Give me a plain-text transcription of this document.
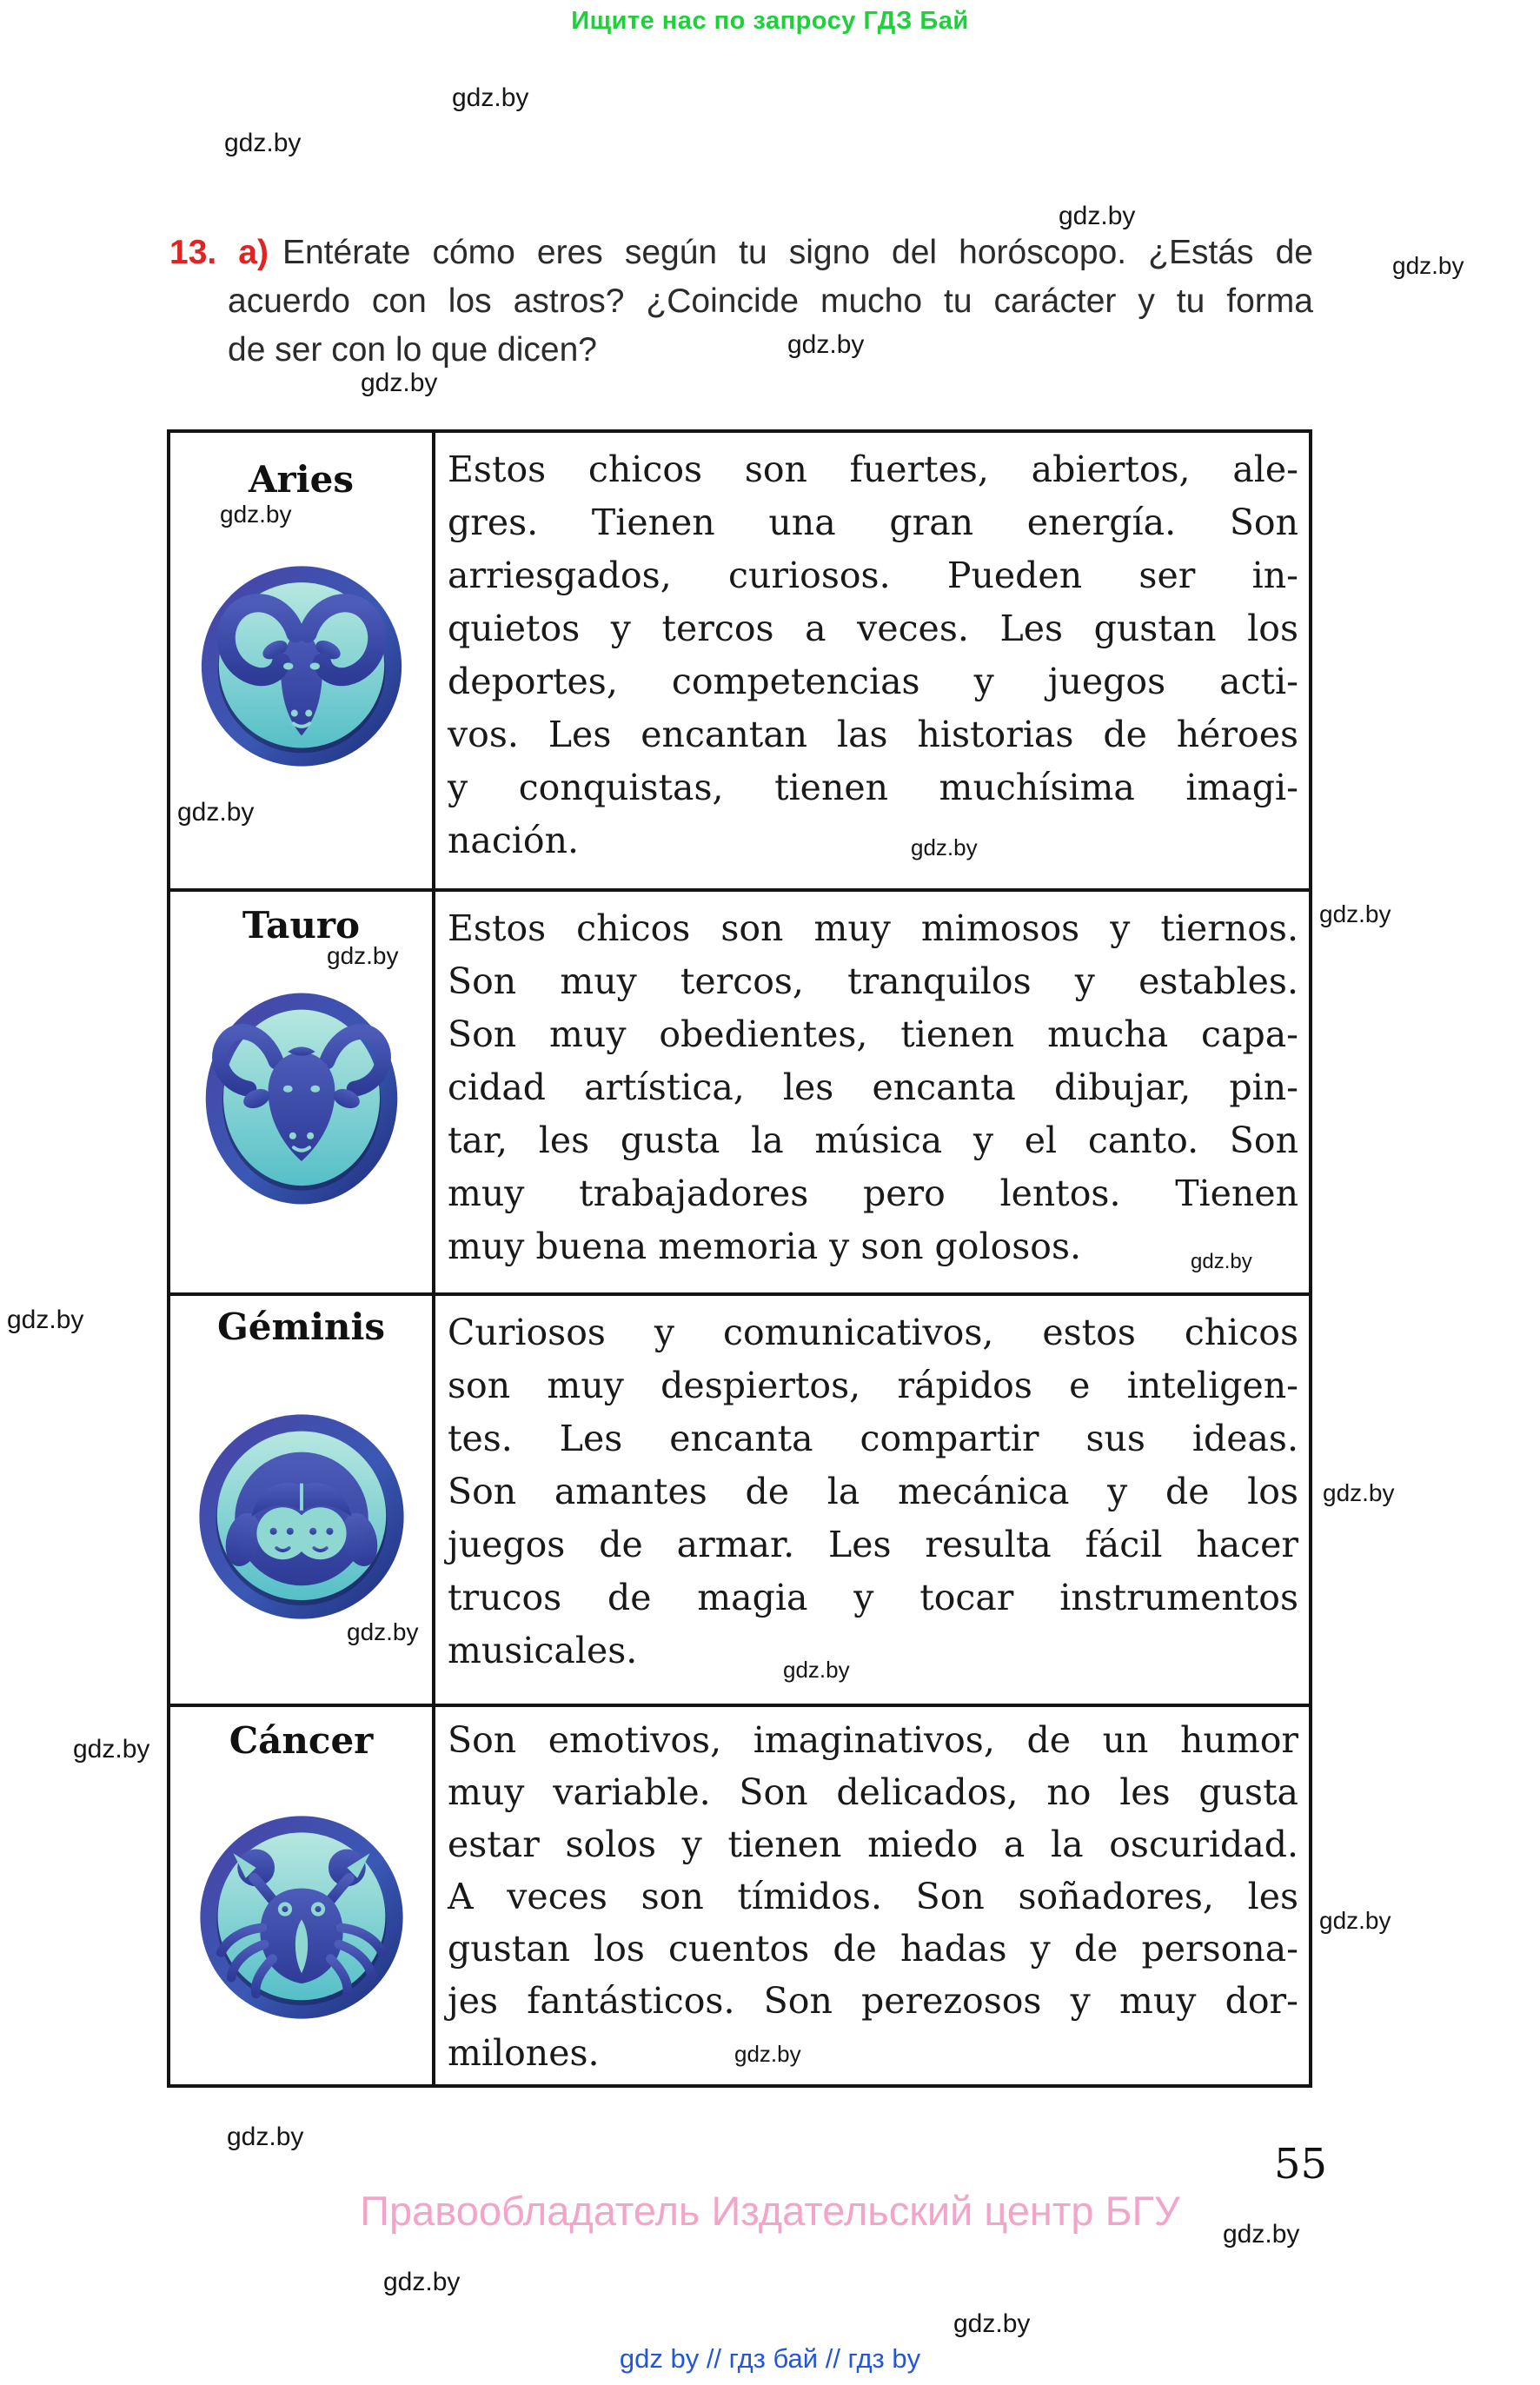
Ищите нас по запросу ГДЗ Бай
gdz.by
gdz.by
gdz.by
gdz.by
gdz.by
gdz.by
gdz.by
gdz.by
gdz.by
gdz.by
gdz.by
gdz.by
gdz.by
gdz.by
gdz.by
gdz.by
gdz.by
gdz.by
gdz.by
gdz.by
gdz.by
gdz.by
gdz.by
13. a) Entérate cómo eres según tu signo del horóscopo. ¿Estás de
acuerdo con los astros? ¿Coincide mucho tu carácter y tu forma
de ser con lo que dicen?
Aries	Estos chicos son fuertes, abiertos, ale-
gres. Tienen una gran energía. Son
arriesgados, curiosos. Pueden ser in-
quietos y tercos a veces. Les gustan los
deportes, competencias y juegos acti-
vos. Les encantan las historias de héroes
y conquistas, tienen muchísima imagi-
nación.
Tauro	Estos chicos son muy mimosos y tiernos.
Son muy tercos, tranquilos y estables.
Son muy obedientes, tienen mucha capa-
cidad artística, les encanta dibujar, pin-
tar, les gusta la música y el canto. Son
muy trabajadores pero lentos. Tienen
muy buena memoria y son golosos.
Géminis	Curiosos y comunicativos, estos chicos
son muy despiertos, rápidos e inteligen-
tes. Les encanta compartir sus ideas.
Son amantes de la mecánica y de los
juegos de armar. Les resulta fácil hacer
trucos de magia y tocar instrumentos
musicales.
Cáncer	Son emotivos, imaginativos, de un humor
muy variable. Son delicados, no les gusta
estar solos y tienen miedo a la oscuridad.
A veces son tímidos. Son soñadores, les
gustan los cuentos de hadas y de persona-
jes fantásticos. Son perezosos y muy dor-
milones.
55
Правообладатель Издательский центр БГУ
gdz by // гдз бай // гдз by
